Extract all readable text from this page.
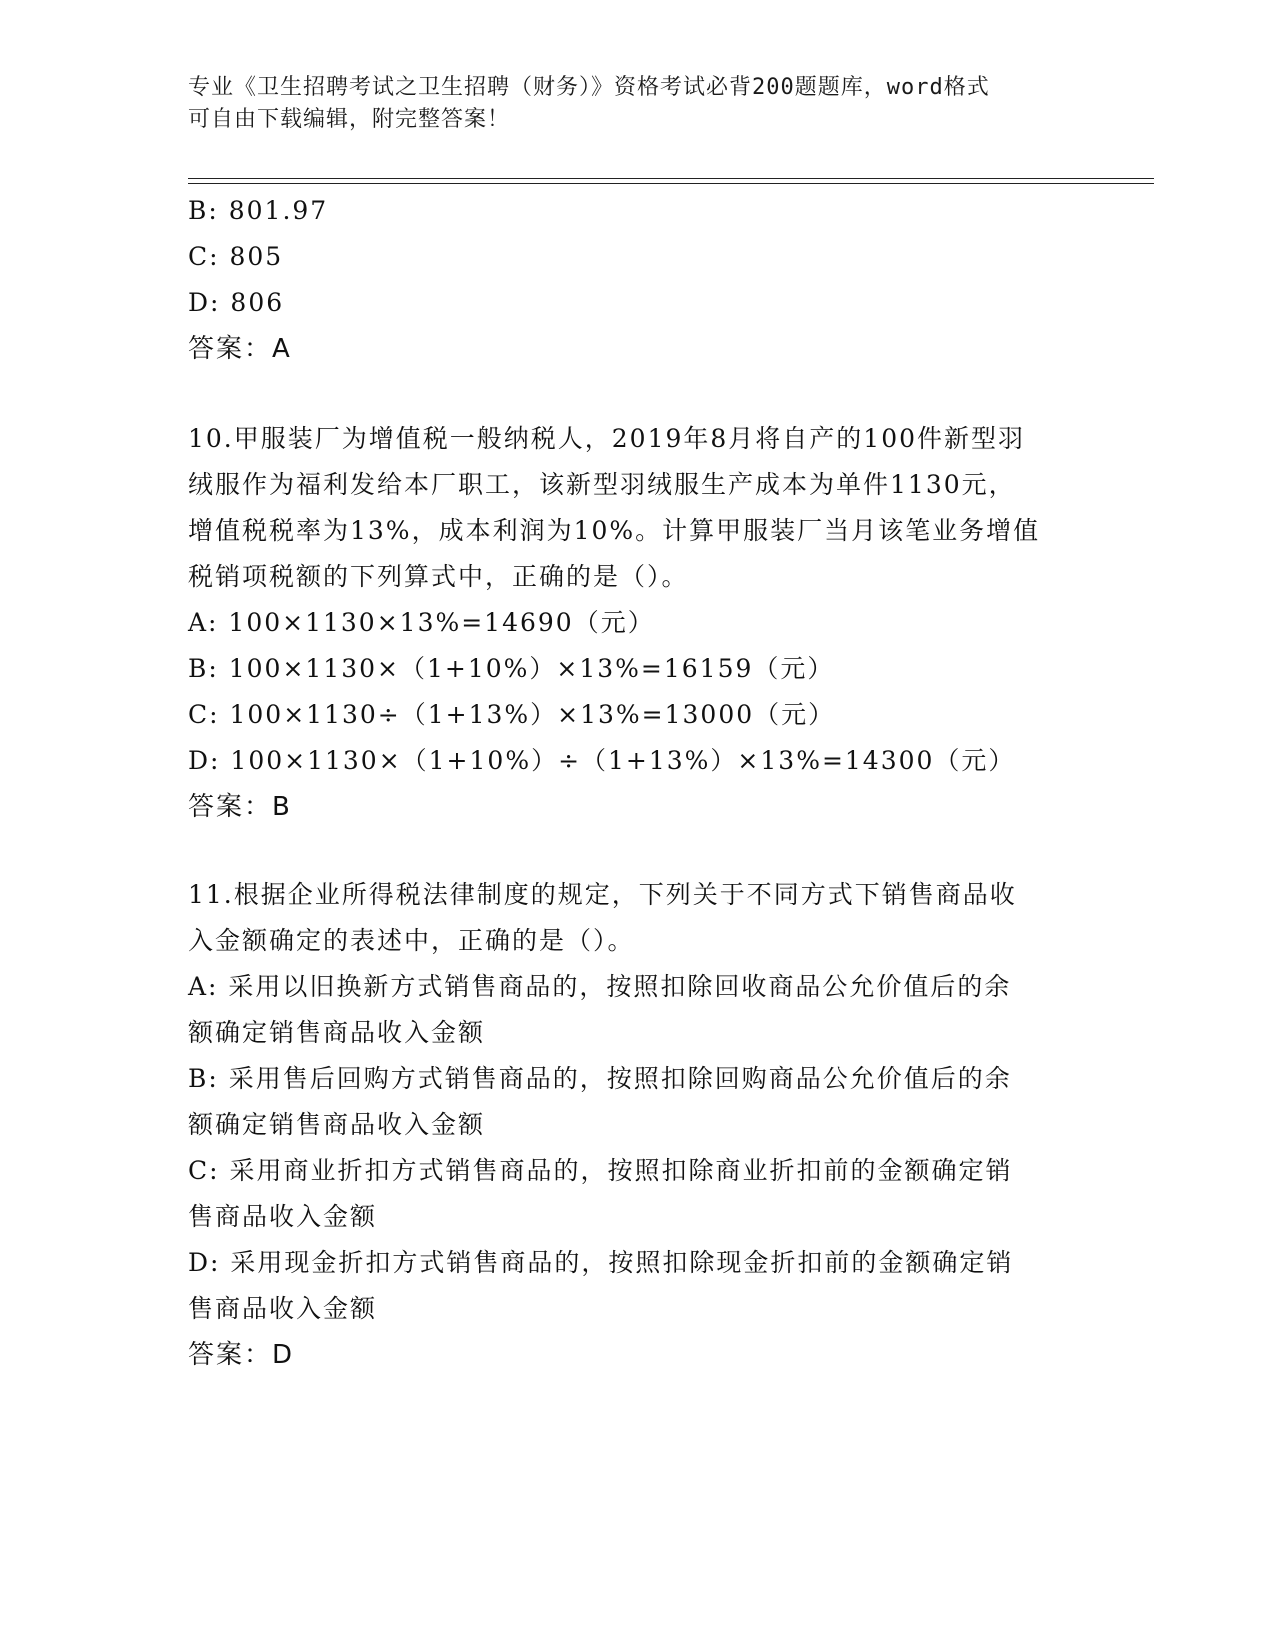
专业《卫生招聘考试之卫生招聘（财务）》资格考试必背200题题库，word格式
可自由下载编辑，附完整答案！
B: 801.97
C: 805
D: 806
答案：A
10.甲服装厂为增值税一般纳税人，2019年8月将自产的100件新型羽
绒服作为福利发给本厂职工，该新型羽绒服生产成本为单件1130元，
增值税税率为13%，成本利润为10%。计算甲服装厂当月该笔业务增值
税销项税额的下列算式中，正确的是（）。
A: 100×1130×13%=14690（元）
B: 100×1130×（1+10%）×13%=16159（元）
C: 100×1130÷（1+13%）×13%=13000（元）
D: 100×1130×（1+10%）÷（1+13%）×13%=14300（元）
答案：B
11.根据企业所得税法律制度的规定，下列关于不同方式下销售商品收
入金额确定的表述中，正确的是（）。
A: 采用以旧换新方式销售商品的，按照扣除回收商品公允价值后的余
额确定销售商品收入金额
B: 采用售后回购方式销售商品的，按照扣除回购商品公允价值后的余
额确定销售商品收入金额
C: 采用商业折扣方式销售商品的，按照扣除商业折扣前的金额确定销
售商品收入金额
D: 采用现金折扣方式销售商品的，按照扣除现金折扣前的金额确定销
售商品收入金额
答案：D
